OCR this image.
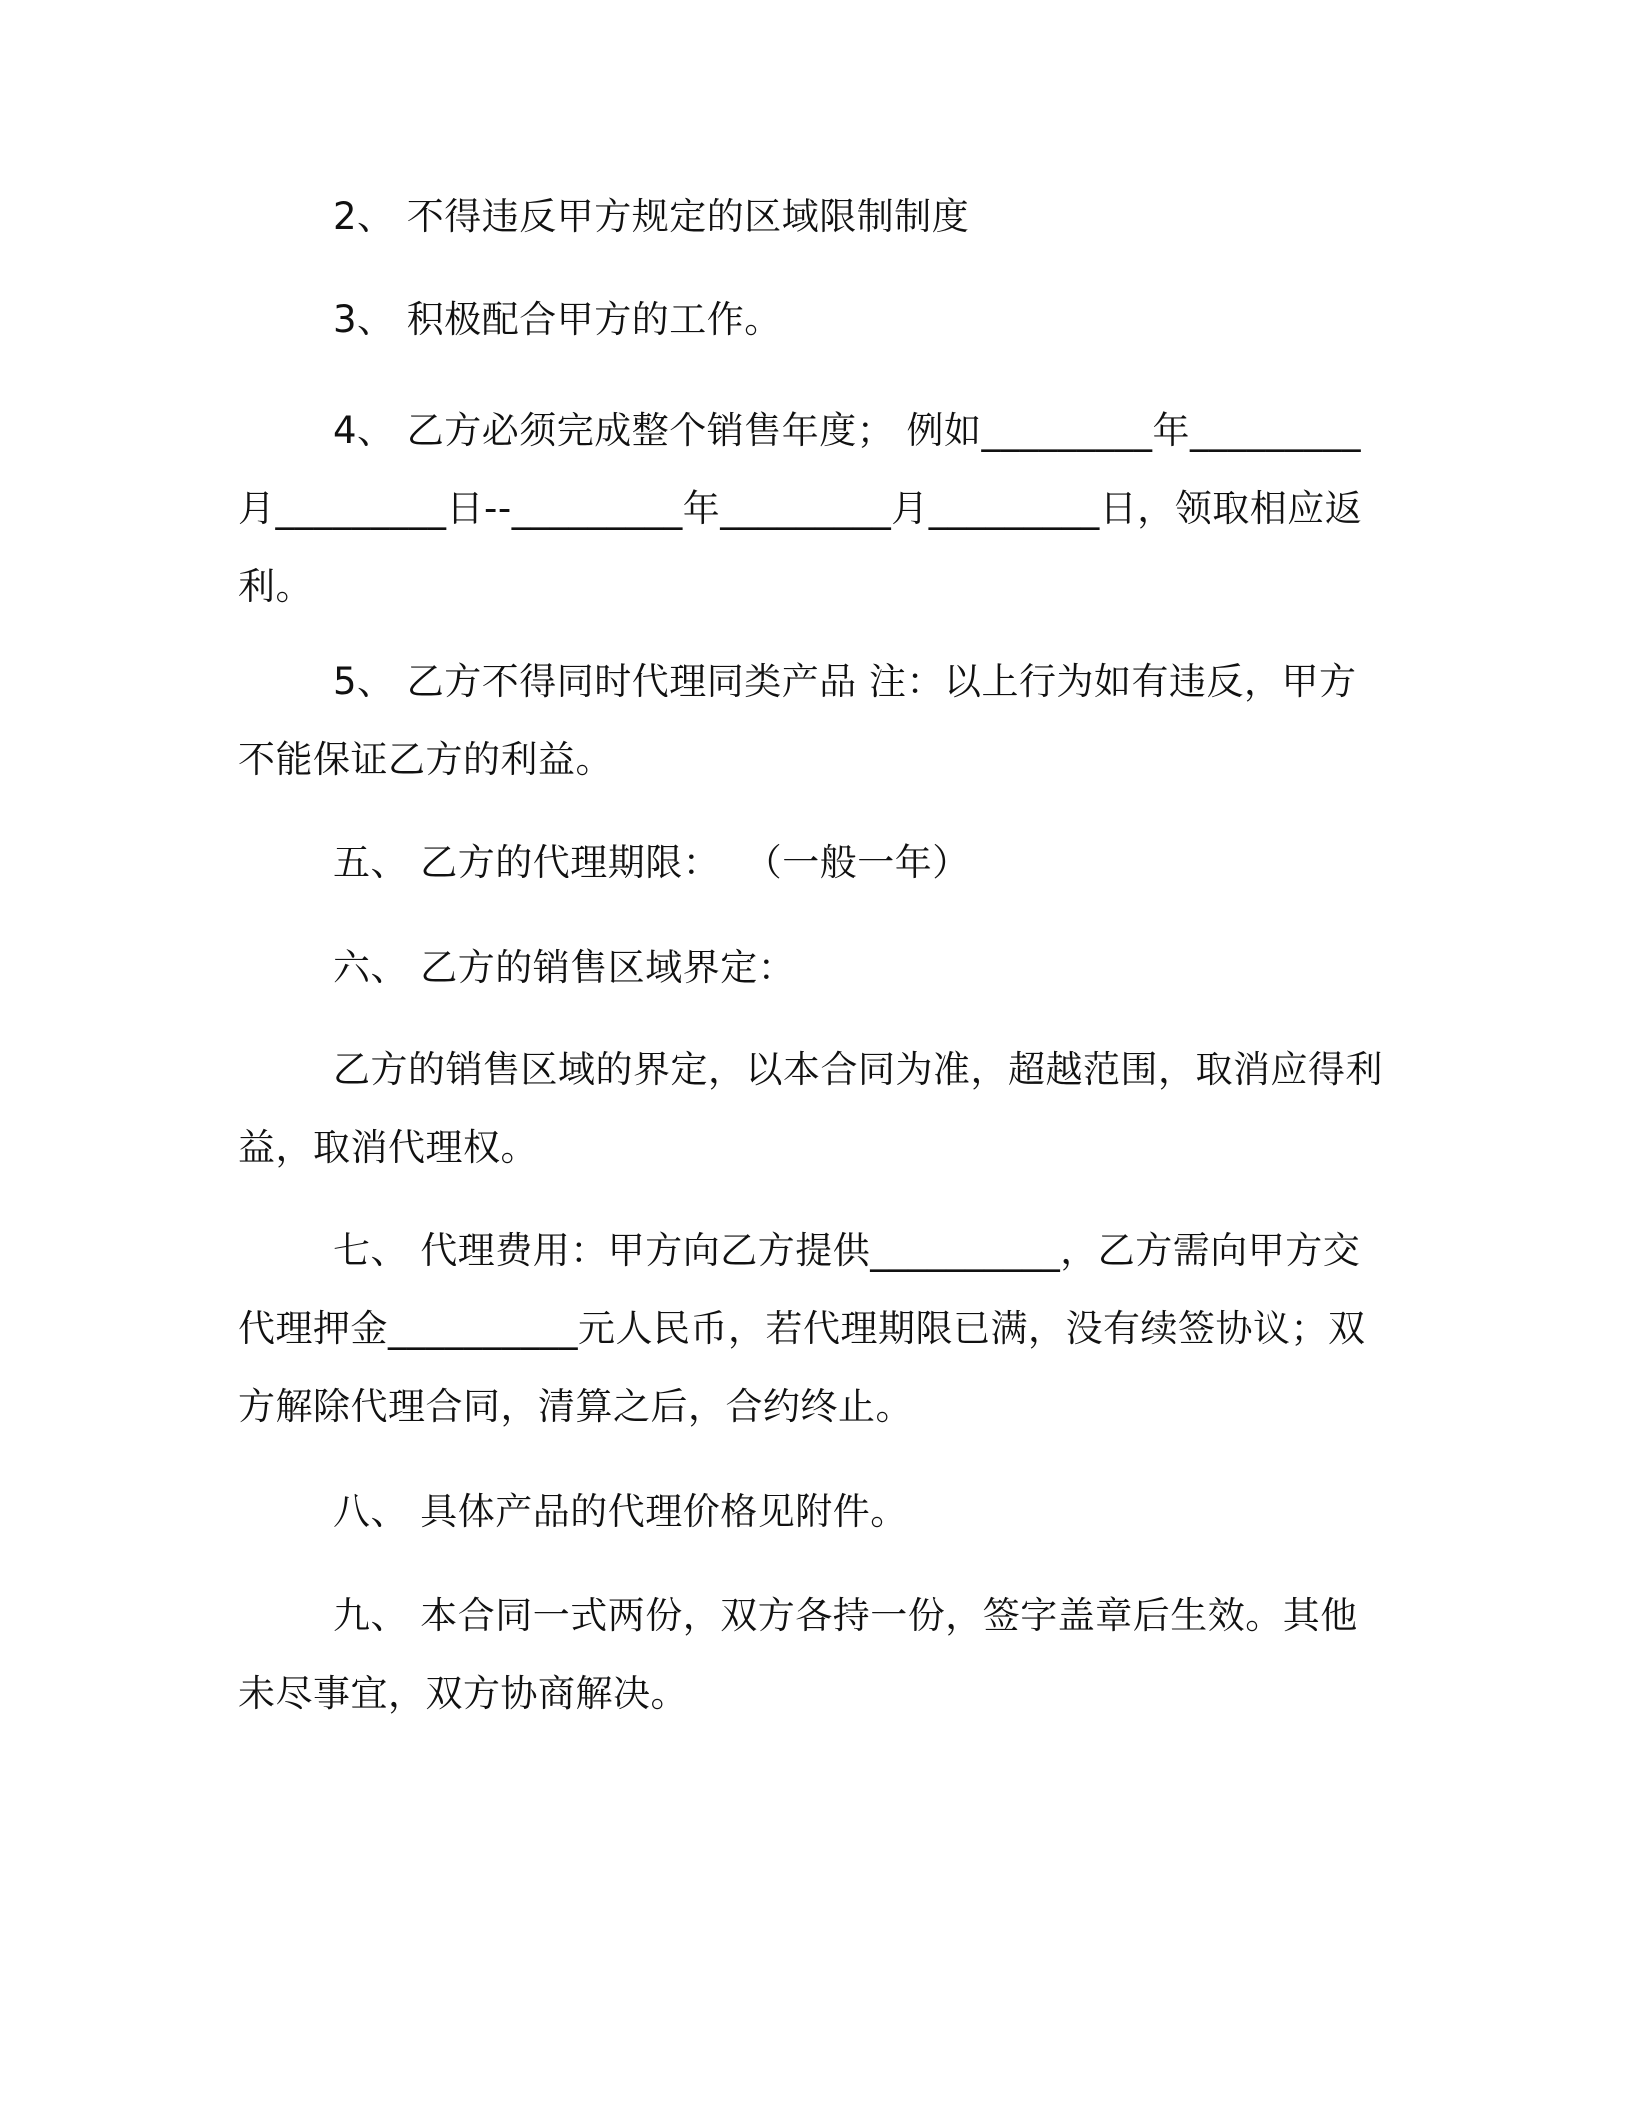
2、 不得违反甲方规定的区域限制制度
3、 积极配合甲方的工作。
4、 乙方必须完成整个销售年度； 例如_________年_________月_________日--_________年_________月_________日，领取相应返利。
5、 乙方不得同时代理同类产品 注：以上行为如有违反，甲方不能保证乙方的利益。
五、 乙方的代理期限：  （一般一年）
六、 乙方的销售区域界定：
乙方的销售区域的界定，以本合同为准，超越范围，取消应得利益，取消代理权。
七、 代理费用：甲方向乙方提供__________，乙方需向甲方交代理押金__________元人民币，若代理期限已满，没有续签协议；双方解除代理合同，清算之后，合约终止。
八、 具体产品的代理价格见附件。
九、 本合同一式两份，双方各持一份，签字盖章后生效。其他未尽事宜，双方协商解决。
